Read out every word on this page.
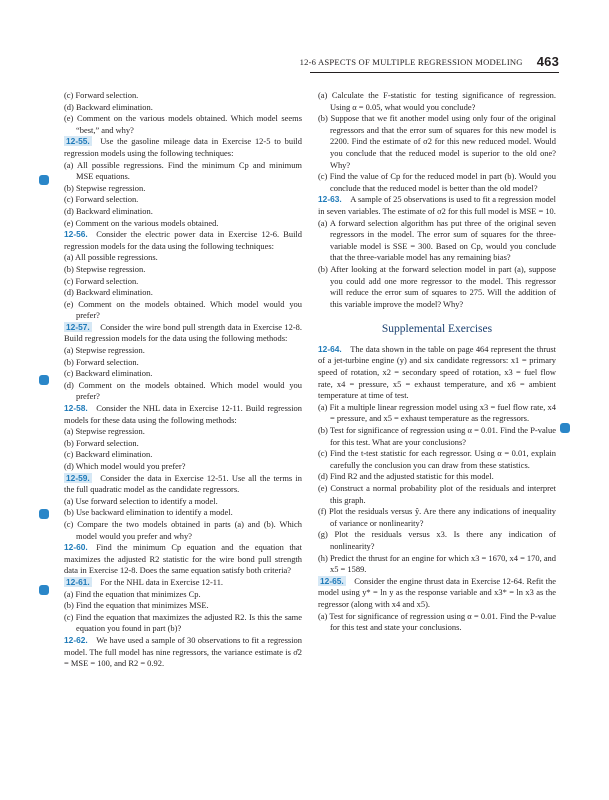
12-6 ASPECTS OF MULTIPLE REGRESSION MODELING 463

(c) Forward selection.

(d) Backward elimination.

(e) Comment on the various models obtained. Which model seems “best,” and why?

12-55.  Use the gasoline mileage data in Exercise 12-5 to build regression models using the following techniques:

(a) All possible regressions. Find the minimum Cp and minimum MSE equations.

(b) Stepwise regression.

(c) Forward selection.

(d) Backward elimination.

(e) Comment on the various models obtained.

12-56.  Consider the electric power data in Exercise 12-6. Build regression models for the data using the following techniques:

(a) All possible regressions.

(b) Stepwise regression.

(c) Forward selection.

(d) Backward elimination.

(e) Comment on the models obtained. Which model would you prefer?

12-57.  Consider the wire bond pull strength data in Exercise 12-8. Build regression models for the data using the following methods:

(a) Stepwise regression.

(b) Forward selection.

(c) Backward elimination.

(d) Comment on the models obtained. Which model would you prefer?

12-58.  Consider the NHL data in Exercise 12-11. Build regression models for these data using the following methods:

(a) Stepwise regression.

(b) Forward selection.

(c) Backward elimination.

(d) Which model would you prefer?

12-59.  Consider the data in Exercise 12-51. Use all the terms in the full quadratic model as the candidate regressors.

(a) Use forward selection to identify a model.

(b) Use backward elimination to identify a model.

(c) Compare the two models obtained in parts (a) and (b). Which model would you prefer and why?

12-60.  Find the minimum Cp equation and the equation that maximizes the adjusted R2 statistic for the wire bond pull strength data in Exercise 12-8. Does the same equation satisfy both criteria?

12-61.  For the NHL data in Exercise 12-11.

(a) Find the equation that minimizes Cp.

(b) Find the equation that minimizes MSE.

(c) Find the equation that maximizes the adjusted R2. Is this the same equation you found in part (b)?

12-62.  We have used a sample of 30 observations to fit a regression model. The full model has nine regressors, the variance estimate is σ̂2 = MSE = 100, and R2 = 0.92.

(a) Calculate the F-statistic for testing significance of regression. Using α = 0.05, what would you conclude?

(b) Suppose that we fit another model using only four of the original regressors and that the error sum of squares for this new model is 2200. Find the estimate of σ2 for this new reduced model. Would you conclude that the reduced model is superior to the old one? Why?

(c) Find the value of Cp for the reduced model in part (b). Would you conclude that the reduced model is better than the old model?

12-63.  A sample of 25 observations is used to fit a regression model in seven variables. The estimate of σ2 for this full model is MSE = 10.

(a) A forward selection algorithm has put three of the original seven regressors in the model. The error sum of squares for the three-variable model is SSE = 300. Based on Cp, would you conclude that the three-variable model has any remaining bias?

(b) After looking at the forward selection model in part (a), suppose you could add one more regressor to the model. This regressor will reduce the error sum of squares to 275. Will the addition of this variable improve the model? Why?

Supplemental Exercises

12-64.  The data shown in the table on page 464 represent the thrust of a jet-turbine engine (y) and six candidate regressors: x1 = primary speed of rotation, x2 = secondary speed of rotation, x3 = fuel flow rate, x4 = pressure, x5 = exhaust temperature, and x6 = ambient temperature at time of test.

(a) Fit a multiple linear regression model using x3 = fuel flow rate, x4 = pressure, and x5 = exhaust temperature as the regressors.

(b) Test for significance of regression using α = 0.01. Find the P-value for this test. What are your conclusions?

(c) Find the t-test statistic for each regressor. Using α = 0.01, explain carefully the conclusion you can draw from these statistics.

(d) Find R2 and the adjusted statistic for this model.

(e) Construct a normal probability plot of the residuals and interpret this graph.

(f) Plot the residuals versus ŷ. Are there any indications of inequality of variance or nonlinearity?

(g) Plot the residuals versus x3. Is there any indication of nonlinearity?

(h) Predict the thrust for an engine for which x3 = 1670, x4 = 170, and x5 = 1589.

12-65.  Consider the engine thrust data in Exercise 12-64. Refit the model using y* = ln y as the response variable and x3* = ln x3 as the regressor (along with x4 and x5).

(a) Test for significance of regression using α = 0.01. Find the P-value for this test and state your conclusions.
